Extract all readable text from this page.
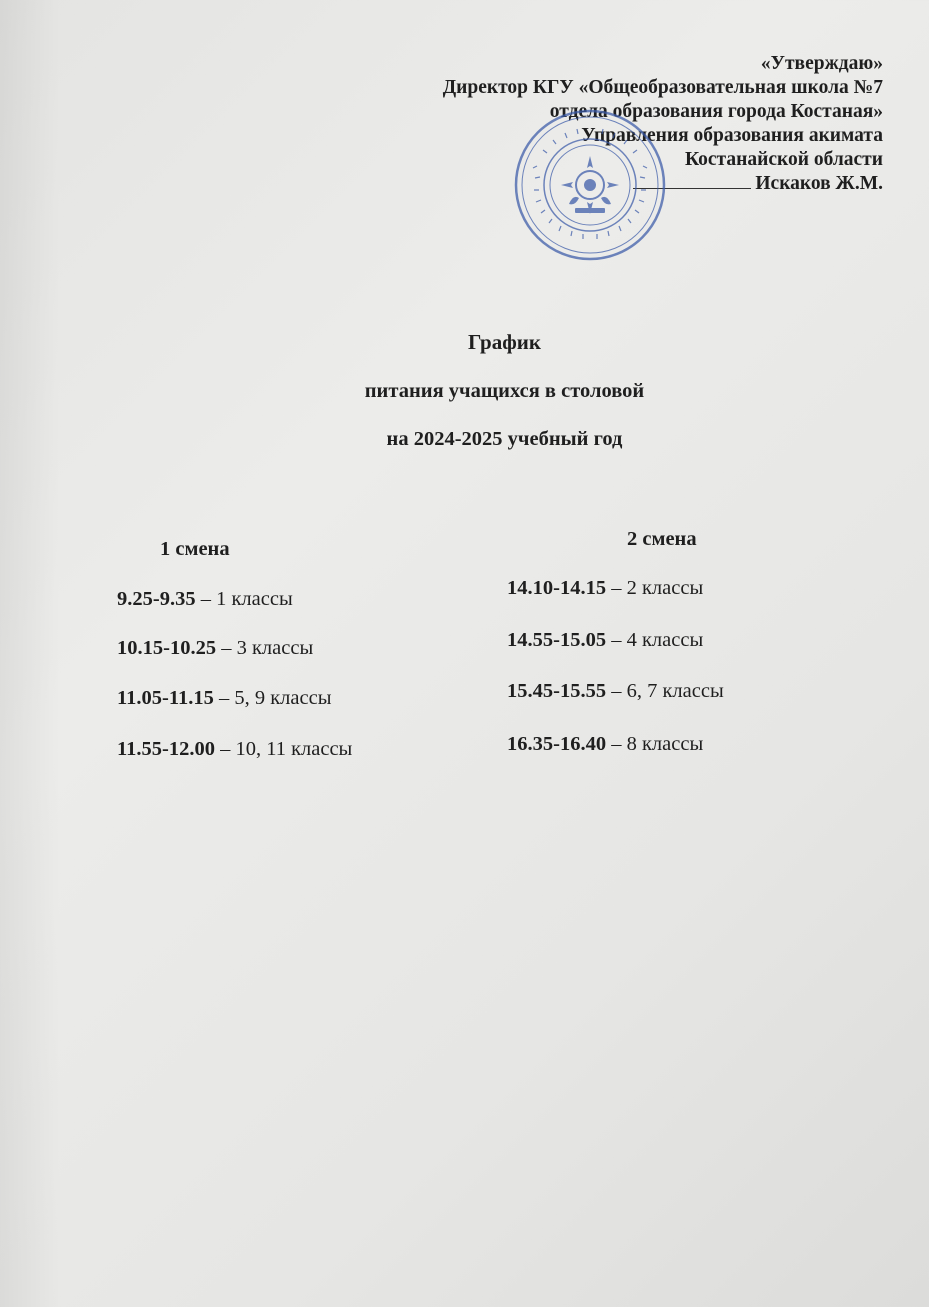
«Утверждаю»
Директор КГУ «Общеобразовательная школа №7
отдела образования города Костаная»
Управления образования акимата
Костанайской области
Искаков Ж.М.
График
питания учащихся в столовой
на 2024-2025 учебный год
1 смена	2 смена
9.25-9.35 – 1 классы
10.15-10.25 – 3 классы
11.05-11.15 – 5, 9 классы
11.55-12.00 – 10, 11 классы
14.10-14.15 – 2 классы
14.55-15.05 – 4 классы
15.45-15.55 – 6, 7 классы
16.35-16.40 – 8 классы
